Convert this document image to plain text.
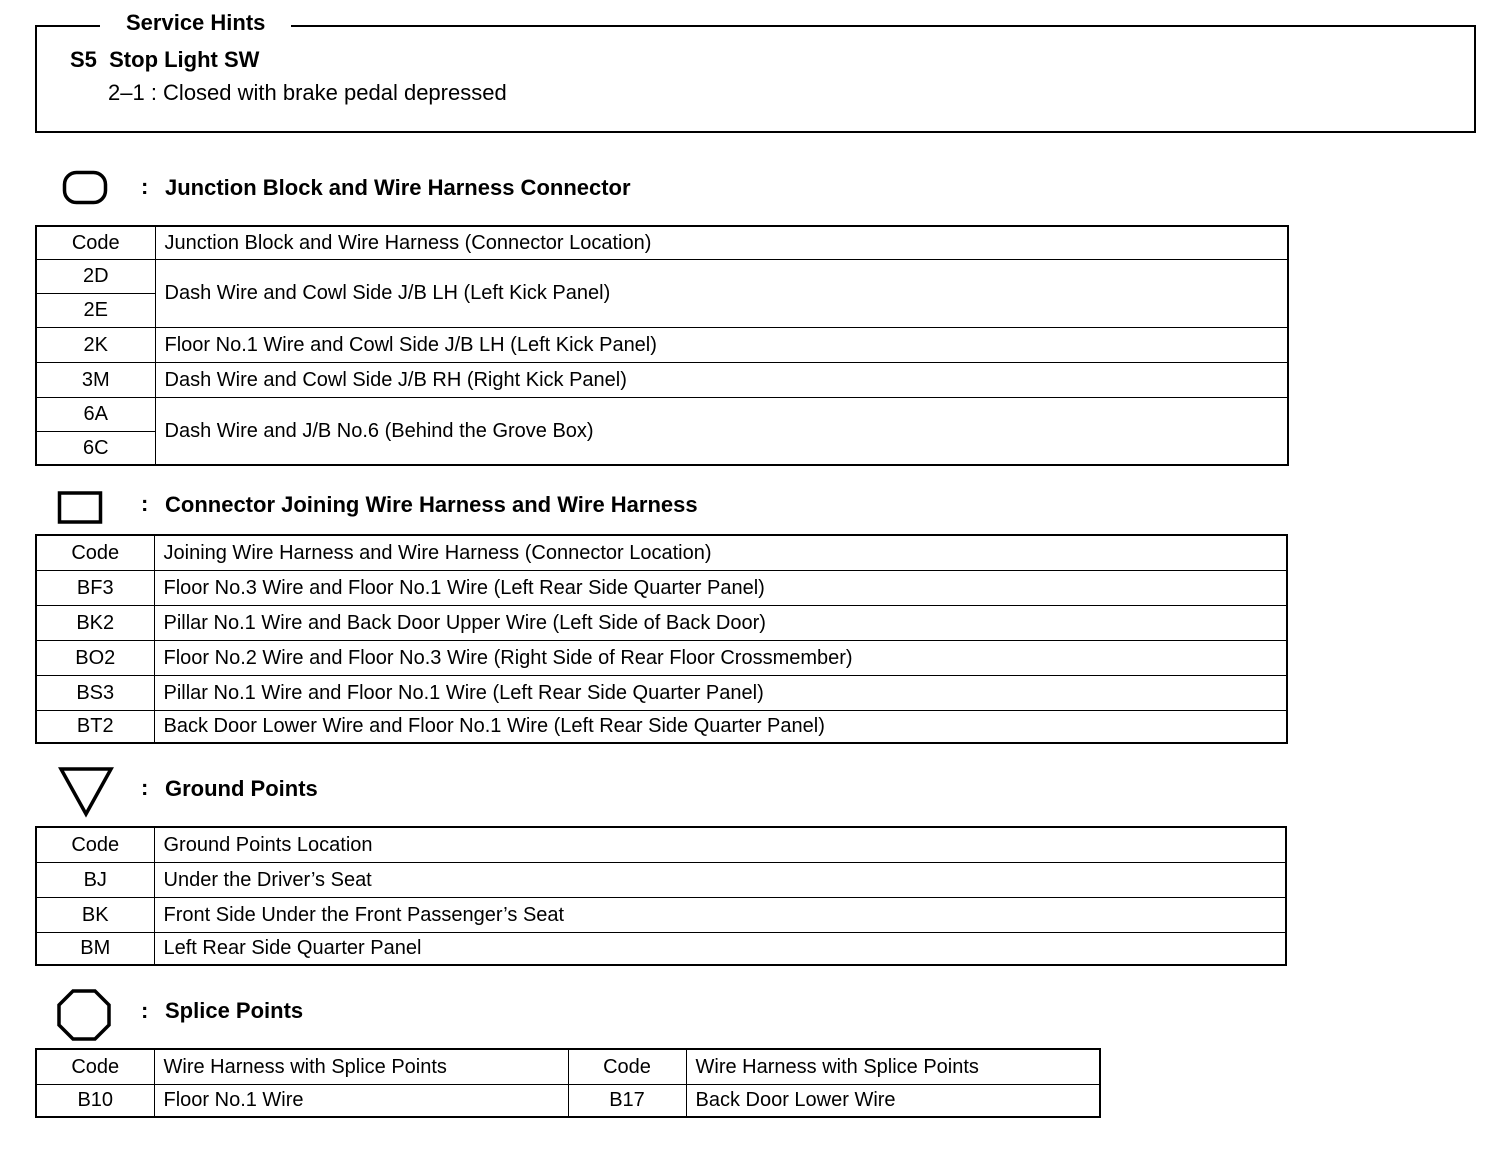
Service Hints
S5  Stop Light SW
2–1 : Closed with brake pedal depressed
: Junction Block and Wire Harness Connector
Code	Junction Block and Wire Harness (Connector Location)
2D	Dash Wire and Cowl Side J/B LH (Left Kick Panel)
2E	
2K	Floor No.1 Wire and Cowl Side J/B LH (Left Kick Panel)
3M	Dash Wire and Cowl Side J/B RH (Right Kick Panel)
6A	Dash Wire and J/B No.6 (Behind the Grove Box)
6C	
: Connector Joining Wire Harness and Wire Harness
Code	Joining Wire Harness and Wire Harness (Connector Location)
BF3	Floor No.3 Wire and Floor No.1 Wire (Left Rear Side Quarter Panel)
BK2	Pillar No.1 Wire and Back Door Upper Wire (Left Side of Back Door)
BO2	Floor No.2 Wire and Floor No.3 Wire (Right Side of Rear Floor Crossmember)
BS3	Pillar No.1 Wire and Floor No.1 Wire (Left Rear Side Quarter Panel)
BT2	Back Door Lower Wire and Floor No.1 Wire (Left Rear Side Quarter Panel)
: Ground Points
Code	Ground Points Location
BJ	Under the Driver’s Seat
BK	Front Side Under the Front Passenger’s Seat
BM	Left Rear Side Quarter Panel
: Splice Points
Code	Wire Harness with Splice Points	Code	Wire Harness with Splice Points
B10	Floor No.1 Wire	B17	Back Door Lower Wire
